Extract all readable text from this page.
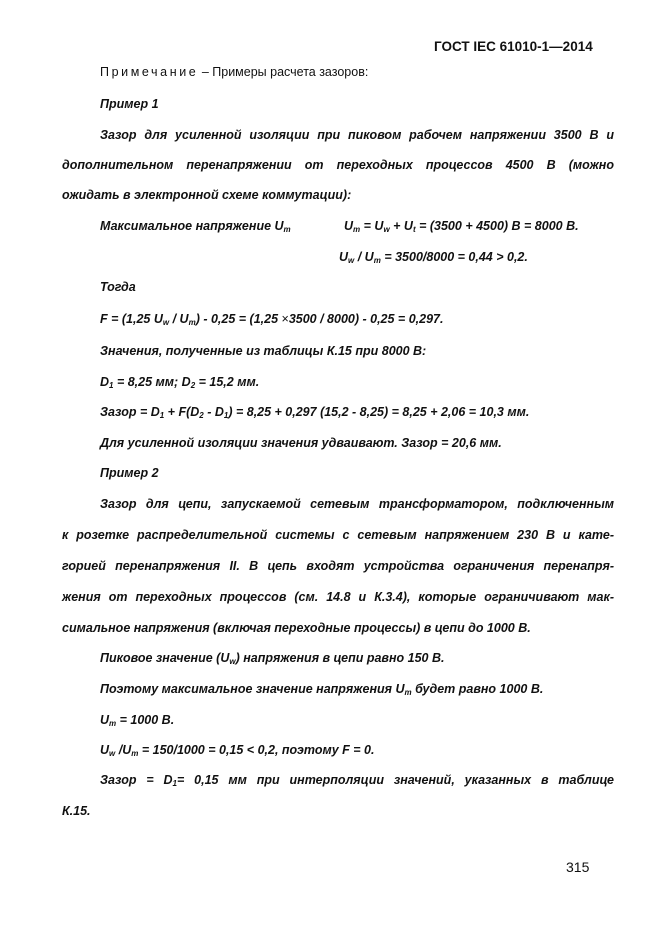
ГОСТ IEC 61010-1—2014
Примечание – Примеры расчета зазоров:
Пример 1
Зазор для усиленной изоляции при пиковом рабочем напряжении 3500 В и
дополнительном перенапряжении от переходных процессов 4500 В (можно
ожидать в электронной схеме коммутации):
Максимальное напряжение $U_m$	$U_m = U_w + U_t = (3500 + 4500) В = 8000$ В.
$U_w / U_m = 3500/8000 = 0,44 > 0,2$.
Тогда
F = (1,25 $U_w / U_m) - 0,25 = (1,25 \times 3500 / 8000) - 0,25 = 0,297$.
Значения, полученные из таблицы К.15 при 8000 В:
$D_1 = 8,25$ мм; $D_2 = 15,2$ мм.
Зазор = $D_1 + F(D_2 - D_1) = 8,25 + 0,297$ (15,2 - 8,25) = 8,25 + 2,06 = 10,3 мм.
Для усиленной изоляции значения удваивают. Зазор = 20,6 мм.
Пример 2
Зазор для цепи, запускаемой сетевым трансформатором, подключенным
к розетке распределительной системы с сетевым напряжением 230 В и кате-
горией перенапряжения II. В цепь входят устройства ограничения перенапря-
жения от переходных процессов (см. 14.8 и К.3.4), которые ограничивают мак-
симальное напряжения (включая переходные процессы) в цепи до 1000 В.
Пиковое значение $(U_w)$ напряжения в цепи равно 150 В.
Поэтому максимальное значение напряжения $U_m$ будет равно 1000 В.
$U_m = 1000$ В.
$U_w$ $/U_m = 150/1000 = 0,15 < 0,2$, поэтому F = 0.
Зазор = $D_1= 0,15$ мм при интерполяции значений, указанных в таблице
К.15.
315
